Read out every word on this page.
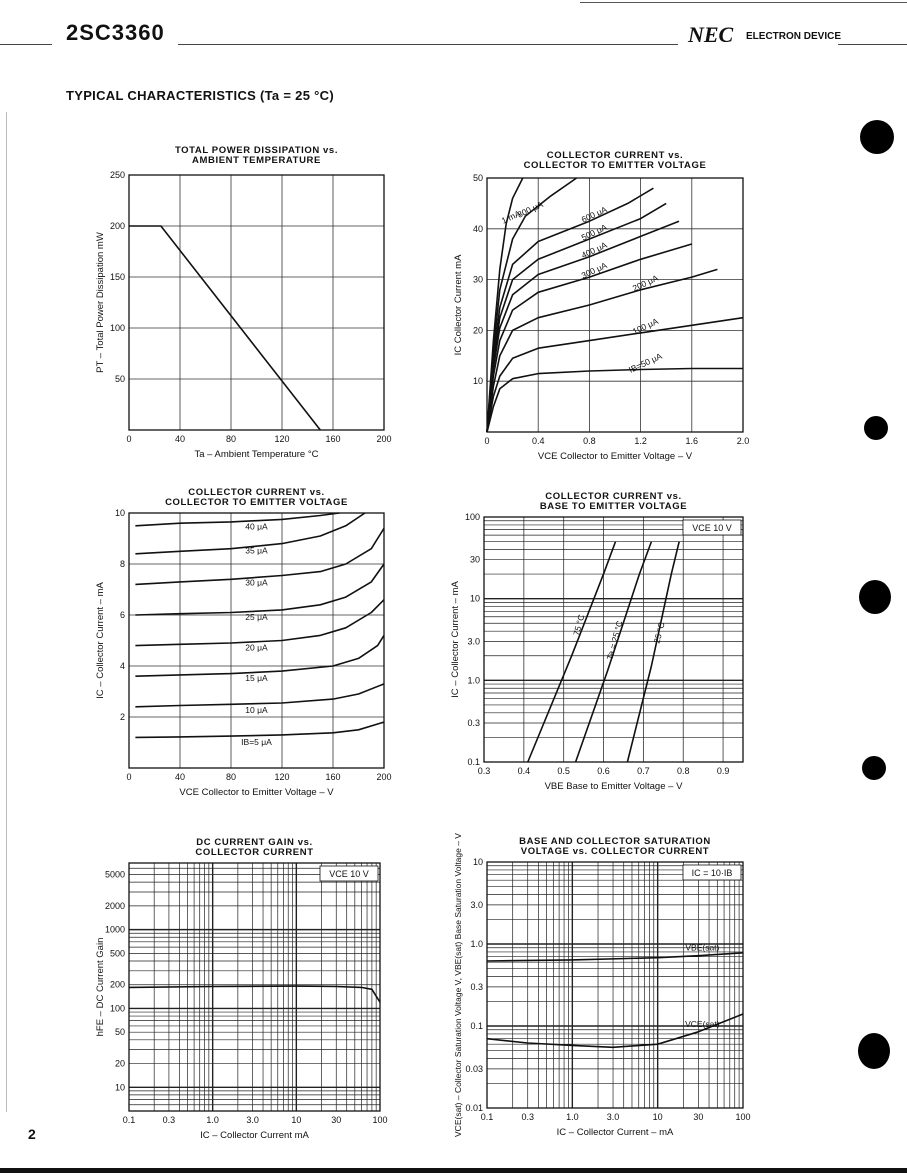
2SC3360	NEC ELECTRON DEVICE
TYPICAL CHARACTERISTICS (Ta = 25 °C)
2
0	40	80	120	160	200
50
100
150
200
250
TOTAL POWER DISSIPATION vs.
AMBIENT TEMPERATURE
Ta – Ambient Temperature °C
PT – Total Power Dissipation mW
0	0.4	0.8	1.2	1.6	2.0
10
20
30
40
50
COLLECTOR CURRENT vs.
COLLECTOR TO EMITTER VOLTAGE
VCE Collector to Emitter Voltage – V
IC Collector Current mA
IB=50 μA
100 μA
200 μA
300 μA
400 μA
500 μA
600 μA
800 μA
1 mA
0	40	80	120	160	200
2
4
6
8
10
COLLECTOR CURRENT vs.
COLLECTOR TO EMITTER VOLTAGE
VCE Collector to Emitter Voltage – V
IC – Collector Current – mA
IB=5 μA
10 μA
15 μA
20 μA
25 μA
30 μA
35 μA
40 μA
0.3	0.4	0.5	0.6	0.7	0.8	0.9
0.1
0.3
1.0
3.0
10
30
100
COLLECTOR CURRENT vs.
BASE TO EMITTER VOLTAGE
VBE Base to Emitter Voltage – V
IC – Collector Current – mA
VCE 10 V
75 °C Ta = 25 °C	−25 °C
0.1	0.3	1.0	3.0	10	30	100
10
20
50
100
200
500
1000
2000
5000
DC CURRENT GAIN vs.
COLLECTOR CURRENT
IC – Collector Current mA
hFE – DC Current Gain
VCE 10 V
0.1	0.3	1.0	3.0	10	30	100
0.01
0.03
0.1
0.3
1.0
3.0
10
BASE AND COLLECTOR SATURATION
VOLTAGE vs. COLLECTOR CURRENT
IC – Collector Current – mA
VCE(sat) – Collector Saturation Voltage V, VBE(sat) Base Saturation Voltage – V	IC = 10·IB
VBE(sat)
VCE(sat)
